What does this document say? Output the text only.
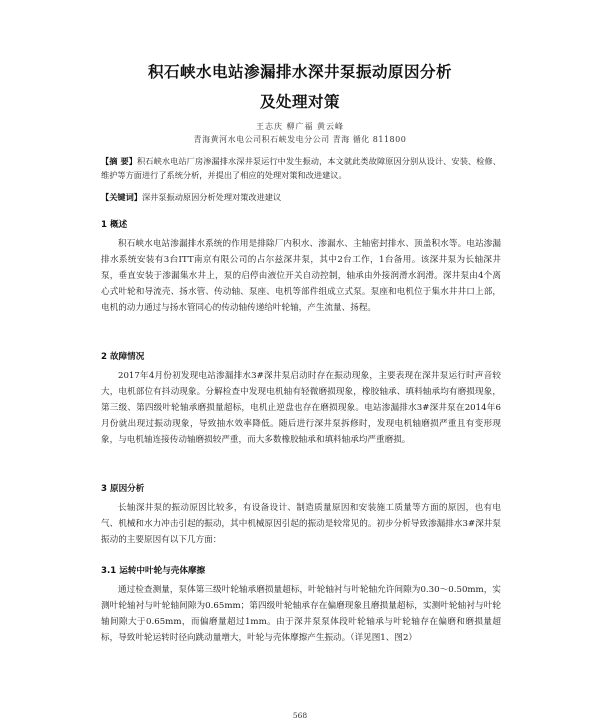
积石峡水电站渗漏排水深井泵振动原因分析
及处理对策
王志庆 柳广福 黄云峰
青海黄河水电公司积石峡发电分公司 青海 循化 811800
【摘 要】积石峡水电站厂房渗漏排水深井泵运行中发生振动，本文就此类故障原因分别从设计、安装、检修、维护等方面进行了系统分析，并提出了相应的处理对策和改进建议。
【关键词】深井泵振动原因分析处理对策改进建议
1 概述

积石峡水电站渗漏排水系统的作用是排除厂内积水、渗漏水、主轴密封排水、顶盖积水等。电站渗漏排水系统安装有3台ITT南京有限公司的占尔兹深井泵，其中2台工作，1台备用。该深井泵为长轴深井泵，垂直安装于渗漏集水井上，泵的启停由液位开关自动控制，轴承由外接润滑水润滑。深井泵由4个离心式叶轮和导流壳、扬水管、传动轴、泵座、电机等部件组成立式泵。泵座和电机位于集水井井口上部，电机的动力通过与扬水管同心的传动轴传递给叶轮轴，产生流量、扬程。

2 故障情况

2017年4月份初发现电站渗漏排水3#深井泵启动时存在振动现象，主要表现在深井泵运行时声音较大，电机部位有抖动现象。分解检查中发现电机轴有轻微磨损现象，橡胶轴承、填料轴承均有磨损现象，第三级、第四级叶轮轴承磨损量超标，电机止逆盘也存在磨损现象。电站渗漏排水3#深井泵在2014年6月份就出现过振动现象，导致抽水效率降低。随后进行深井泵拆修时，发现电机轴磨损严重且有变形现象，与电机轴连接传动轴磨损较严重，而大多数橡胶轴承和填料轴承均严重磨损。

3 原因分析

长轴深井泵的振动原因比较多，有设备设计、制造质量原因和安装施工质量等方面的原因，也有电气、机械和水力冲击引起的振动，其中机械原因引起的振动是较常见的。初步分析导致渗漏排水3#深井泵振动的主要原因有以下几方面：

3.1 运转中叶轮与壳体摩擦

通过检查测量，泵体第三级叶轮轴承磨损量超标，叶轮轴衬与叶轮轴允许间隙为0.30～0.50mm，实测叶轮轴衬与叶轮轴间隙为0.65mm；第四级叶轮轴承存在偏磨现象且磨损量超标，实测叶轮轴衬与叶轮轴间隙大于0.65mm，而偏磨量超过1mm。由于深井泵泵体段叶轮轴承与叶轮轴存在偏磨和磨损量超标，导致叶轮运转时径向跳动量增大，叶轮与壳体摩擦产生振动。（详见图1、图2）

568
